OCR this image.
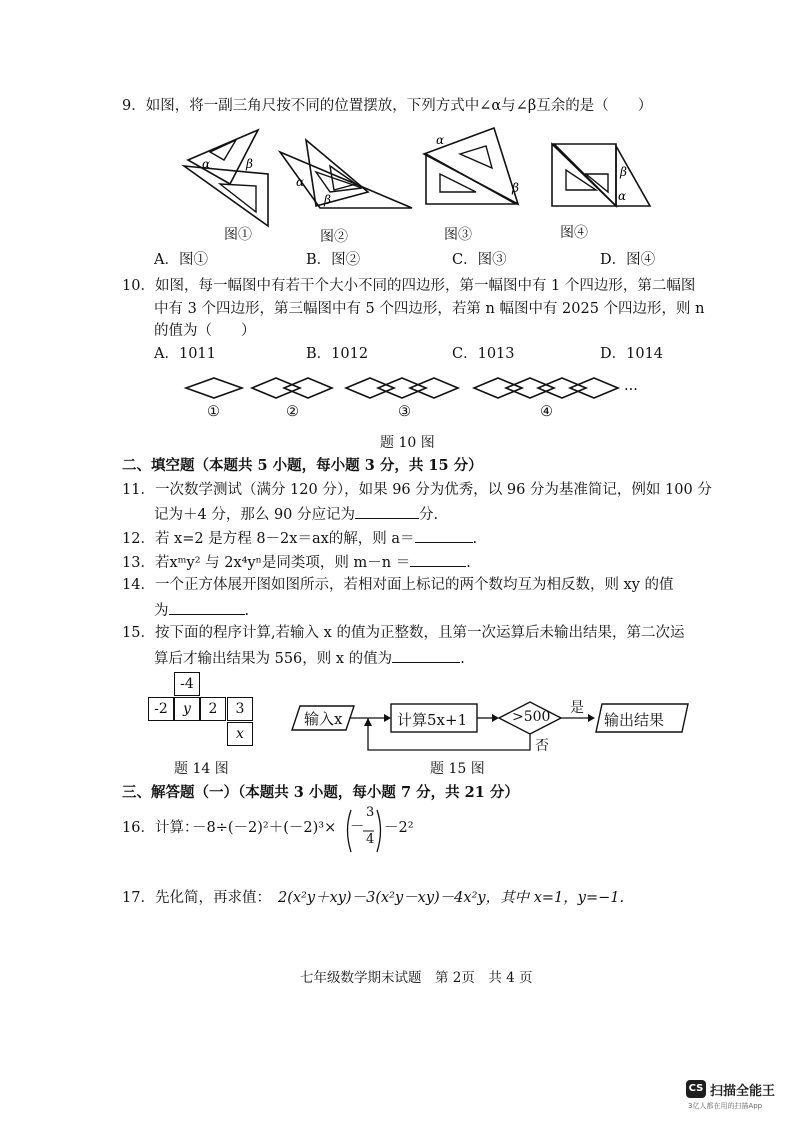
9．如图，将一副三角尺按不同的位置摆放，下列方式中∠α与∠β互余的是（　　）
α	β
图①
α
β
图②
α
β
图③
β
α
图④
A．图①	B．图②	C．图③	D．图④
10．如图，每一幅图中有若干个大小不同的四边形，第一幅图中有 1 个四边形，第二幅图
中有 3 个四边形，第三幅图中有 5 个四边形，若第 n 幅图中有 2025 个四边形，则 n
的值为（　　）
A．1011	B．1012	C．1013	D．1014
···
①	②	③	④
题 10 图
二、填空题（本题共 5 小题，每小题 3 分，共 15 分）
11．一次数学测试（满分 120 分），如果 96 分为优秀，以 96 分为基准简记，例如 100 分
记为＋4 分，那么 90 分应记为	分.
12．若 x=2 是方程 8－2x＝ax的解，则 a＝	.
13．若xᵐy² 与 2x⁴yⁿ是同类项，则 m－n ＝	.
14．一个正方体展开图如图所示，若相对面上标记的两个数均互为相反数，则 xy 的值
为	.
15．按下面的程序计算,若输入 x 的值为正整数，且第一次运算后未输出结果，第二次运
算后才输出结果为 556，则 x 的值为	.
-4
-2	y	2	3
x
题 14 图
输入x	计算5x+1	>500
是
否
输出结果
题 15 图
三、解答题（一）（本题共 3 小题，每小题 7 分，共 21 分）
16．计算：
－8÷(－2)²＋(－2)³× －
3
4
－2²
17．先化简，再求值： 2(x²y＋xy)－3(x²y－xy)－4x²y，其中 x=1，y=−1.
七年级数学期末试题　第 2页　共 4 页
CS 扫描全能王
3亿人都在用的扫描App
